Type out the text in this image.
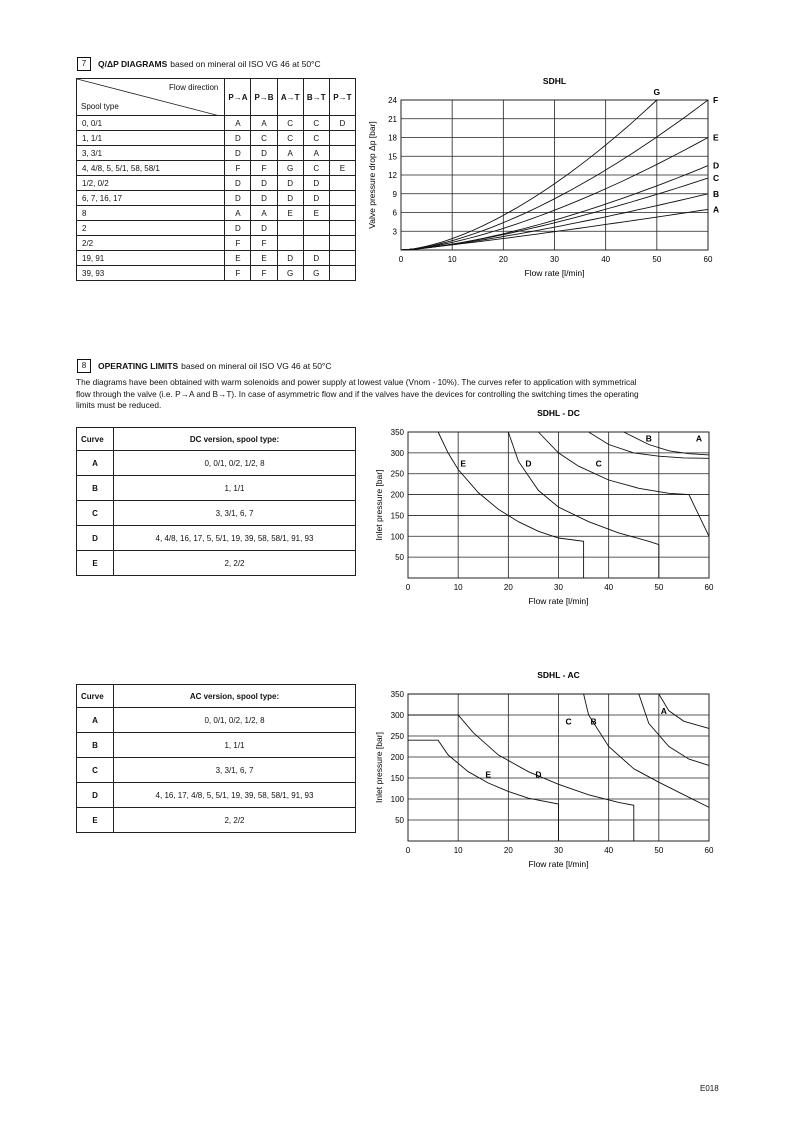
7	Q/ΔP DIAGRAMS based on mineral oil ISO VG 46 at 50°C
Flow direction
Spool type	P→A	P→B	A→T	B→T	P→T
0, 0/1	A	A	C	C	D
1, 1/1	D	C	C	C	
3, 3/1	D	D	A	A	
4, 4/8, 5, 5/1, 58, 58/1	F	F	G	C	E
1/2, 0/2	D	D	D	D	
6, 7, 16, 17	D	D	D	D	
8	A	A	E	E	
2	D	D			
2/2	F	F			
19, 91	E	E	D	D	
39, 93	F	F	G	G	
SDHL
0	10	20	30	40	50	60
3
6
9
12
15
18
21
24
Flow rate [l/min]
Valve pressure drop Δp [bar]	A
B
C
D
E
F
G
8	OPERATING LIMITS based on mineral oil ISO VG 46 at 50°C
The diagrams have been obtained with warm solenoids and power supply at lowest value (Vnom - 10%). The curves refer to application with symmetrical
flow through the valve (i.e. P→A and B→T). In case of asymmetric flow and if the valves have the devices for controlling the switching times the operating
limits must be reduced.
Curve	DC version, spool type:
A	0, 0/1, 0/2, 1/2, 8
B	1, 1/1
C	3, 3/1, 6, 7
D	4, 4/8, 16, 17, 5, 5/1, 19, 39, 58, 58/1, 91, 93
E	2, 2/2
SDHL - DC
0	10	20	30	40	50	60
50
100
150
200
250
300
350
Flow rate [l/min]
Inlet pressure [bar]
A
B
C
D
E
Curve	AC version, spool type:
A	0, 0/1, 0/2, 1/2, 8
B	1, 1/1
C	3, 3/1, 6, 7
D	4, 16, 17, 4/8, 5, 5/1, 19, 39, 58, 58/1, 91, 93
E	2, 2/2
SDHL - AC
0	10	20	30	40	50	60
50
100
150
200
250
300
350
Flow rate [l/min]
Inlet pressure [bar]
A
B
C
D
E
E018
